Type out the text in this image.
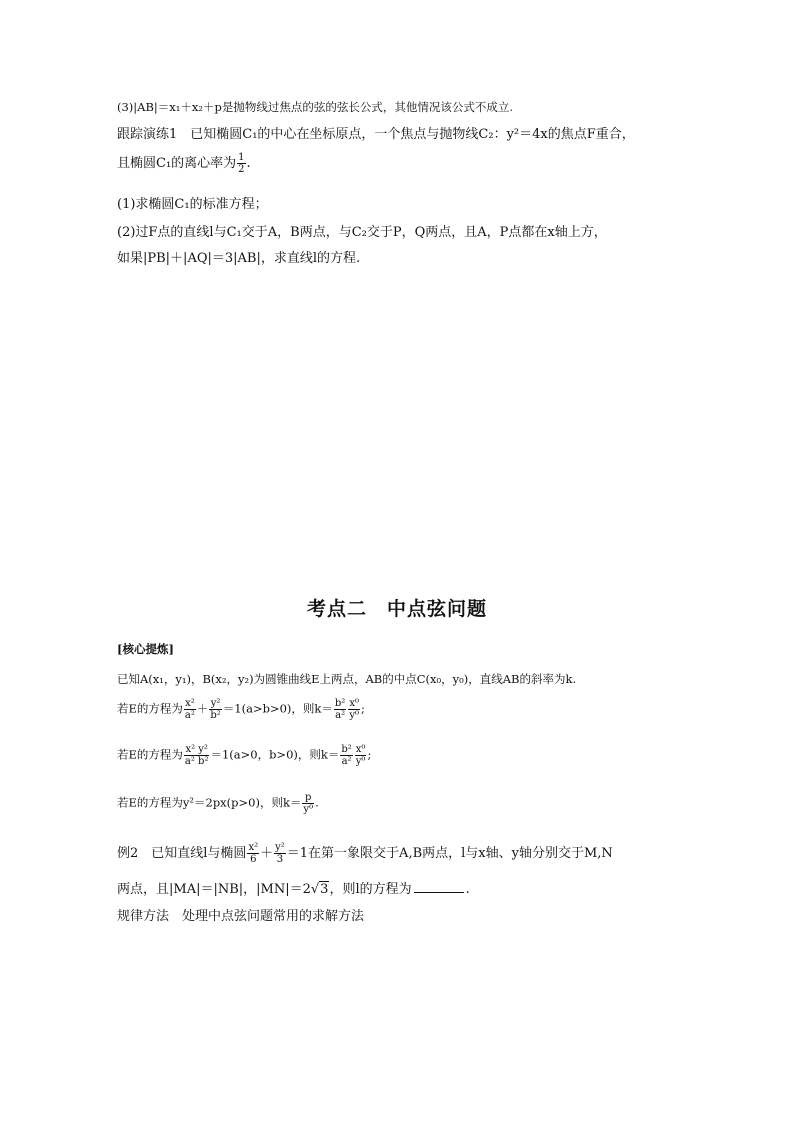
(3)|AB|＝x₁＋x₂＋p是抛物线过焦点的弦的弦长公式，其他情况该公式不成立.
跟踪演练1　已知椭圆C₁的中心在坐标原点，一个焦点与抛物线C₂：y²＝4x的焦点F重合，
且椭圆C₁的离心率为 $\frac{1}{2}$ .
(1)求椭圆C₁的标准方程；
(2)过F点的直线l与C₁交于A，B两点，与C₂交于P，Q两点，且A，P点都在x轴上方，
如果|PB|＋|AQ|＝3|AB|，求直线l的方程.
考点二　中点弦问题
[核心提炼]
已知A(x₁，y₁)，B(x₂，y₂)为圆锥曲线E上两点，AB的中点C(x₀，y₀)，直线AB的斜率为k.
若E的方程为 $\frac{\text{x²}}{\text{a²}} + \frac{\text{y²}}{\text{b²}} =1(a>b>0)$，则$k= \frac{\text{b²}}{\text{a²}} \frac{\text{x⁰}}{\text{y⁰}}$ ;
若E的方程为 $\frac{\text{x² y²}}{\text{a² b²}} =1(a>0$，b>0)，则$k= \frac{\text{b²}}{\text{a²}} \frac{\text{x⁰}}{\text{y⁰}}$ ;
若E的方程为y²＝2px(p>0)，则$k= \frac{p}{\text{y⁰}}$ .
例2　已知直线l与椭圆 $\frac{\text{x²}}{6} + \frac{\text{y²}}{3} =1$在第一象限交于A,B两点，l与x轴、y轴分别交于M,N
两点，且|MA|＝|NB|，|MN|＝2√3，则l的方程为	.
规律方法　处理中点弦问题常用的求解方法
